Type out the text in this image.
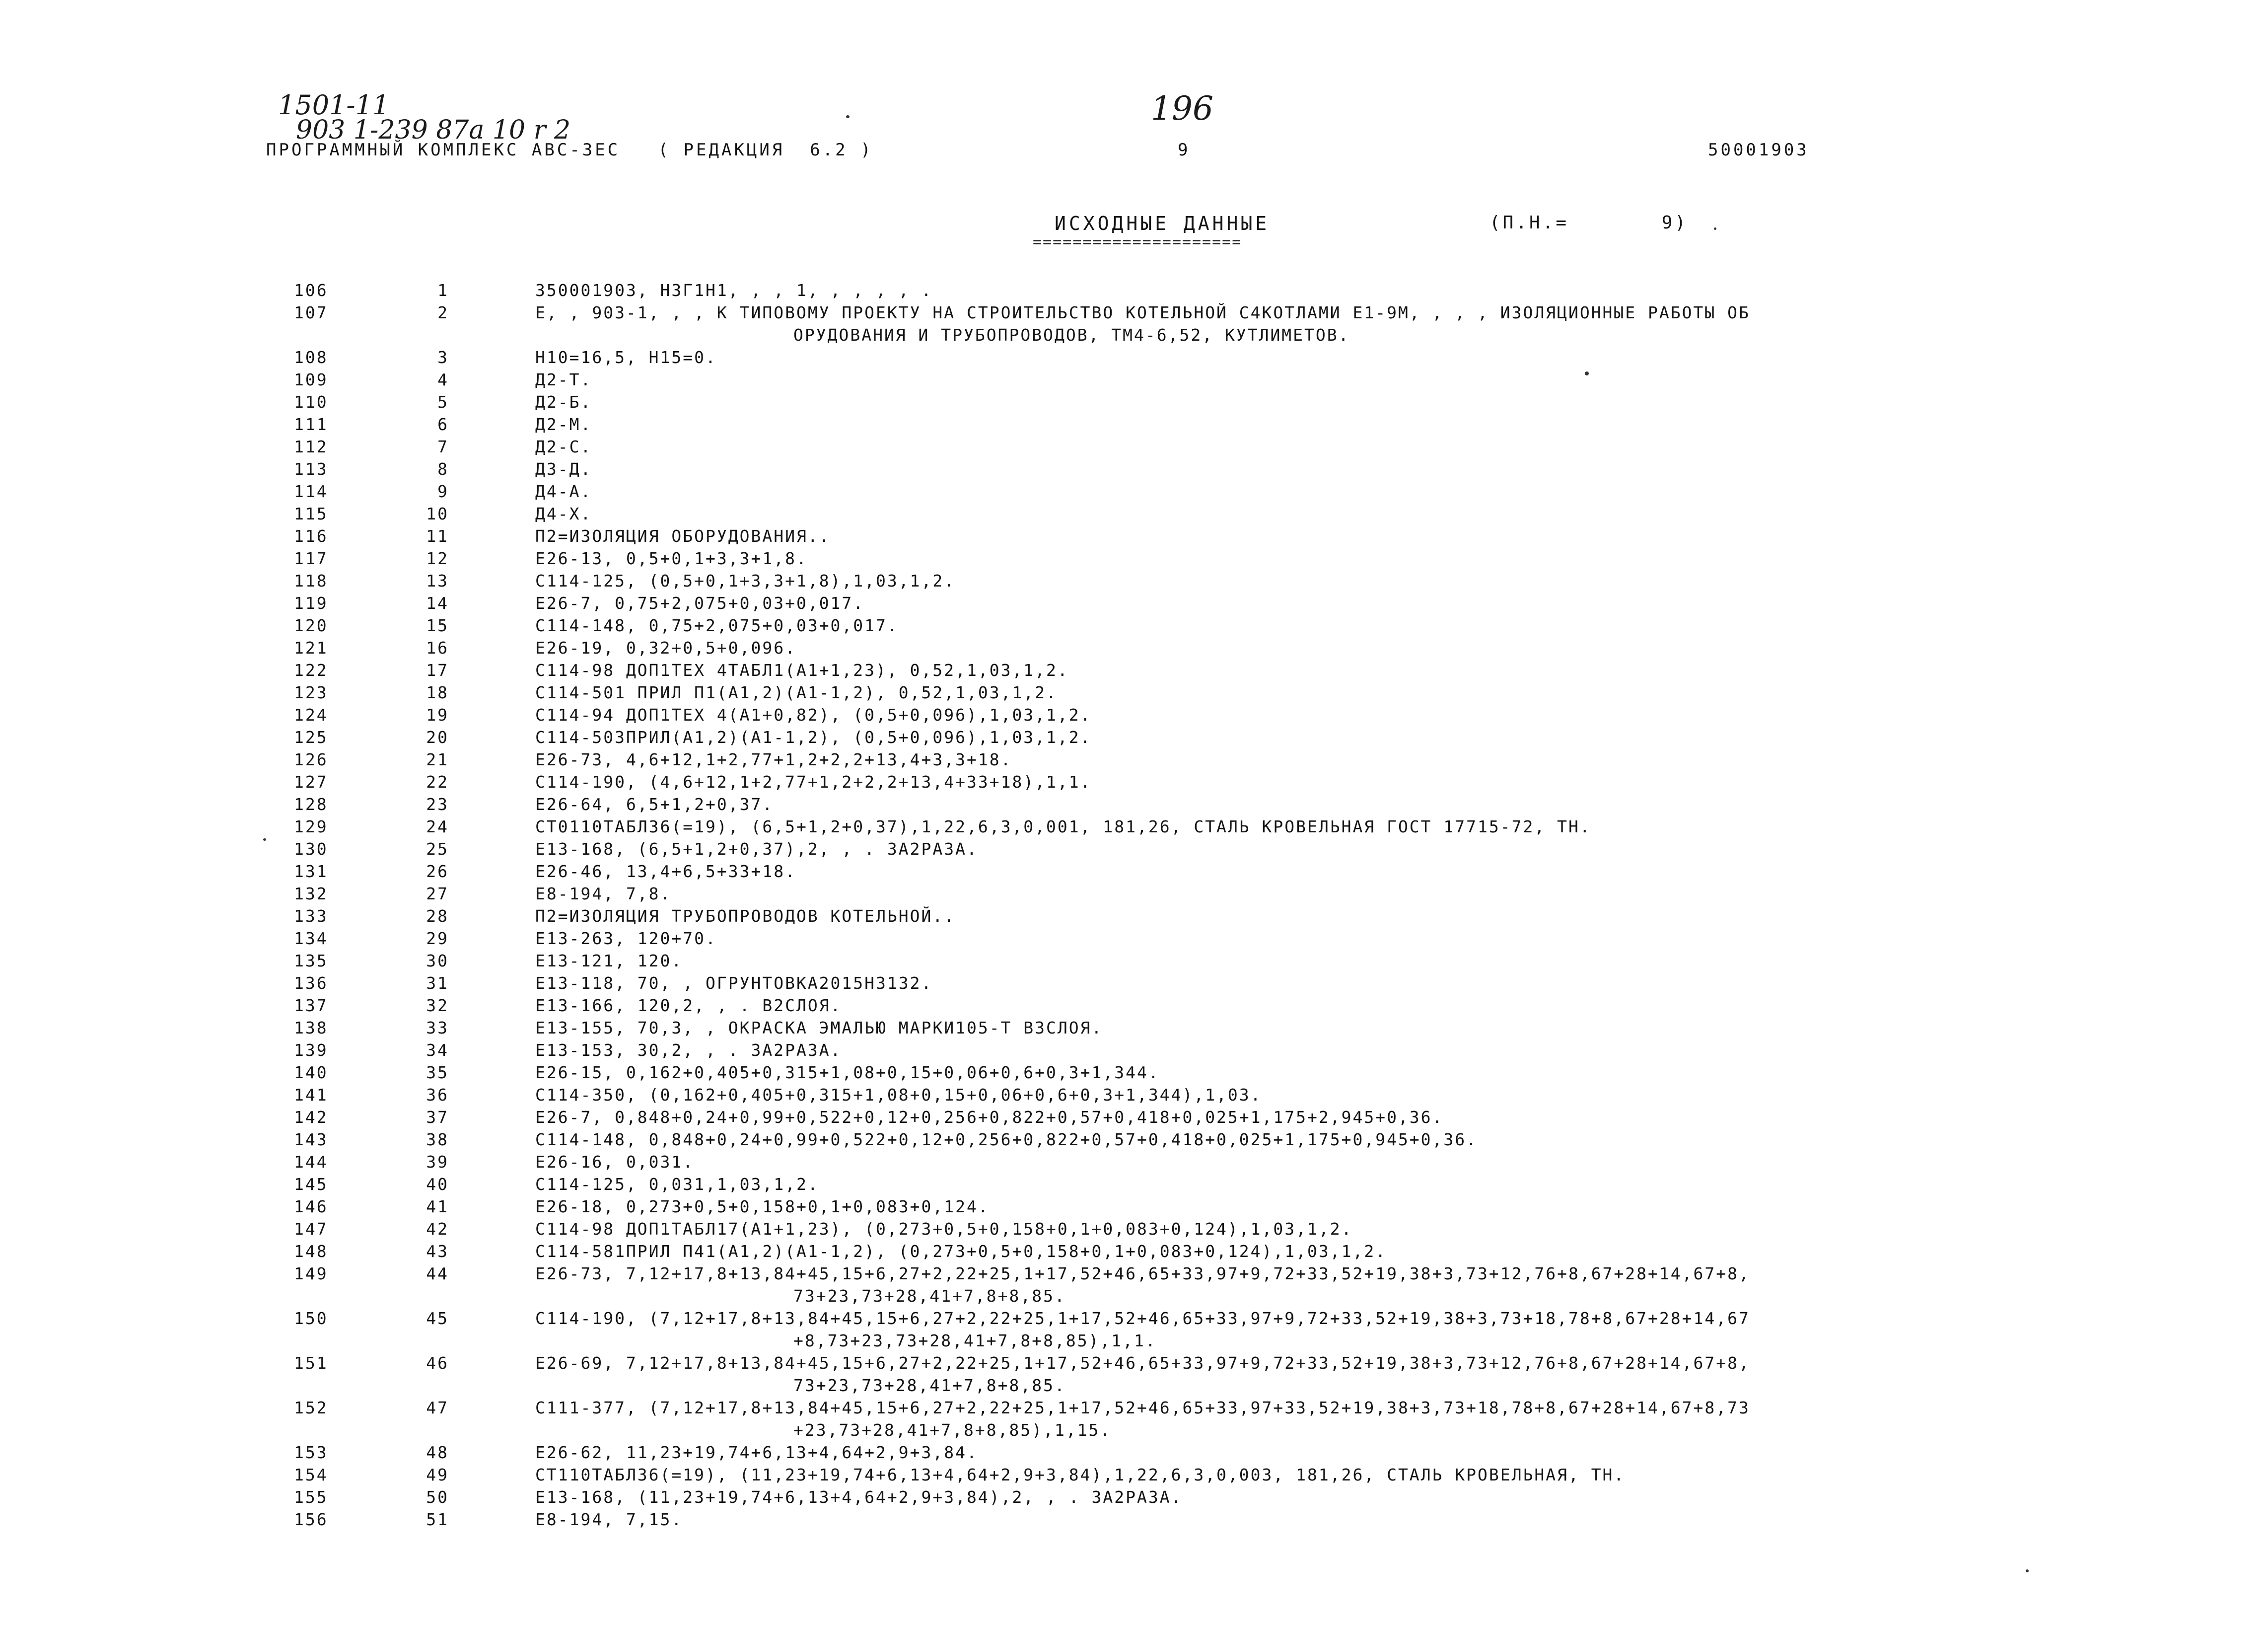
1501-11
903 1-239 87a 10 r 2
196
ПРОГРАММНЫЙ КОМПЛЕКС АВС-3ЕС   ( РЕДАКЦИЯ  6.2 )	9	50001903
ИСХОДНЫЕ ДАННЫЕ
=====================
(П.Н.=       9)
106	1	350001903, НЗГ1Н1, , , 1, , , , , .
107	2	Е, , 903-1, , , К ТИПОВОМУ ПРОЕКТУ НА СТРОИТЕЛЬСТВО КОТЕЛЬНОЙ С4КОТЛАМИ Е1-9М, , , , ИЗОЛЯЦИОННЫЕ РАБОТЫ ОБ
ОРУДОВАНИЯ И ТРУБОПРОВОДОВ, ТМ4-6,52, КУТЛИМЕТОВ.
108	3	Н10=16,5, Н15=0.
109	4	Д2-Т.
110	5	Д2-Б.
111	6	Д2-М.
112	7	Д2-С.
113	8	Д3-Д.
114	9	Д4-А.
115	10	Д4-Х.
116	11	П2=ИЗОЛЯЦИЯ ОБОРУДОВАНИЯ..
117	12	Е26-13, 0,5+0,1+3,3+1,8.
118	13	С114-125, (0,5+0,1+3,3+1,8),1,03,1,2.
119	14	Е26-7, 0,75+2,075+0,03+0,017.
120	15	С114-148, 0,75+2,075+0,03+0,017.
121	16	Е26-19, 0,32+0,5+0,096.
122	17	С114-98 ДОП1ТЕХ 4ТАБЛ1(А1+1,23), 0,52,1,03,1,2.
123	18	С114-501 ПРИЛ П1(А1,2)(А1-1,2), 0,52,1,03,1,2.
124	19	С114-94 ДОП1ТЕХ 4(А1+0,82), (0,5+0,096),1,03,1,2.
125	20	С114-503ПРИЛ(А1,2)(А1-1,2), (0,5+0,096),1,03,1,2.
126	21	Е26-73, 4,6+12,1+2,77+1,2+2,2+13,4+3,3+18.
127	22	С114-190, (4,6+12,1+2,77+1,2+2,2+13,4+33+18),1,1.
128	23	Е26-64, 6,5+1,2+0,37.
129	24	СТ0110ТАБЛ36(=19), (6,5+1,2+0,37),1,22,6,3,0,001, 181,26, СТАЛЬ КРОВЕЛЬНАЯ ГОСТ 17715-72, ТН.
130	25	Е13-168, (6,5+1,2+0,37),2, , . ЗА2РАЗА.
131	26	Е26-46, 13,4+6,5+33+18.
132	27	Е8-194, 7,8.
133	28	П2=ИЗОЛЯЦИЯ ТРУБОПРОВОДОВ КОТЕЛЬНОЙ..
134	29	Е13-263, 120+70.
135	30	Е13-121, 120.
136	31	Е13-118, 70, , ОГРУНТОВКА2015Н3132.
137	32	Е13-166, 120,2, , . В2СЛОЯ.
138	33	Е13-155, 70,3, , ОКРАСКА ЭМАЛЬЮ МАРКИ105-Т ВЗСЛОЯ.
139	34	Е13-153, 30,2, , . ЗА2РАЗА.
140	35	Е26-15, 0,162+0,405+0,315+1,08+0,15+0,06+0,6+0,3+1,344.
141	36	С114-350, (0,162+0,405+0,315+1,08+0,15+0,06+0,6+0,3+1,344),1,03.
142	37	Е26-7, 0,848+0,24+0,99+0,522+0,12+0,256+0,822+0,57+0,418+0,025+1,175+2,945+0,36.
143	38	С114-148, 0,848+0,24+0,99+0,522+0,12+0,256+0,822+0,57+0,418+0,025+1,175+0,945+0,36.
144	39	Е26-16, 0,031.
145	40	С114-125, 0,031,1,03,1,2.
146	41	Е26-18, 0,273+0,5+0,158+0,1+0,083+0,124.
147	42	С114-98 ДОП1ТАБЛ17(А1+1,23), (0,273+0,5+0,158+0,1+0,083+0,124),1,03,1,2.
148	43	С114-581ПРИЛ П41(А1,2)(А1-1,2), (0,273+0,5+0,158+0,1+0,083+0,124),1,03,1,2.
149	44	Е26-73, 7,12+17,8+13,84+45,15+6,27+2,22+25,1+17,52+46,65+33,97+9,72+33,52+19,38+3,73+12,76+8,67+28+14,67+8,
73+23,73+28,41+7,8+8,85.
150	45	С114-190, (7,12+17,8+13,84+45,15+6,27+2,22+25,1+17,52+46,65+33,97+9,72+33,52+19,38+3,73+18,78+8,67+28+14,67
+8,73+23,73+28,41+7,8+8,85),1,1.
151	46	Е26-69, 7,12+17,8+13,84+45,15+6,27+2,22+25,1+17,52+46,65+33,97+9,72+33,52+19,38+3,73+12,76+8,67+28+14,67+8,
73+23,73+28,41+7,8+8,85.
152	47	С111-377, (7,12+17,8+13,84+45,15+6,27+2,22+25,1+17,52+46,65+33,97+33,52+19,38+3,73+18,78+8,67+28+14,67+8,73
+23,73+28,41+7,8+8,85),1,15.
153	48	Е26-62, 11,23+19,74+6,13+4,64+2,9+3,84.
154	49	СТ110ТАБЛ36(=19), (11,23+19,74+6,13+4,64+2,9+3,84),1,22,6,3,0,003, 181,26, СТАЛЬ КРОВЕЛЬНАЯ, ТН.
155	50	Е13-168, (11,23+19,74+6,13+4,64+2,9+3,84),2, , . ЗА2РАЗА.
156	51	Е8-194, 7,15.
